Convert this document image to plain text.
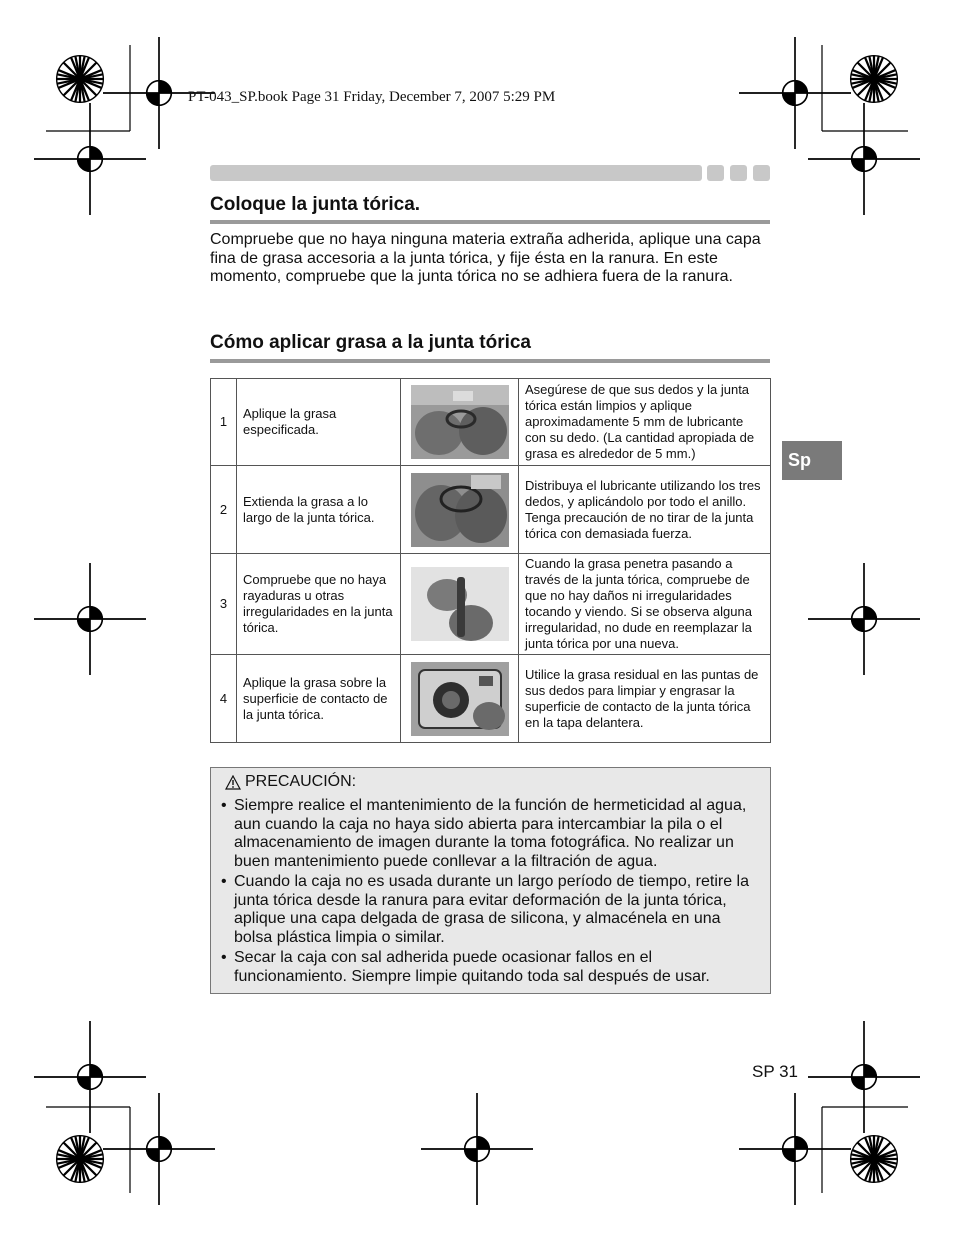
PT-043_SP.book Page 31 Friday, December 7, 2007 5:29 PM
Coloque la junta tórica.

Compruebe que no haya ninguna materia extraña adherida, aplique una capa fina de grasa accesoria a la junta tórica, y fije ésta en la ranura. En este momento, compruebe que la junta tórica no se adhiera fuera de la ranura.

Cómo aplicar grasa a la junta tórica
Sp
1	Aplique la grasa especificada.		Asegúrese de que sus dedos y la junta tórica están limpios y aplique aproximadamente 5 mm de lubricante con su dedo. (La cantidad apropiada de grasa es alrededor de 5 mm.)
2	Extienda la grasa a lo largo de la junta tórica.		Distribuya el lubricante utilizando los tres dedos, y aplicándolo por todo el anillo. Tenga precaución de no tirar de la junta tórica con demasiada fuerza.
3	Compruebe que no haya rayaduras u otras irregularidades en la junta tórica.		Cuando la grasa penetra pasando a través de la junta tórica, compruebe de que no hay daños ni irregularidades tocando y viendo. Si se observa alguna irregularidad, no dude en reemplazar la junta tórica por una nueva.
4	Aplique la grasa sobre la superficie de contacto de la junta tórica.		Utilice la grasa residual en las puntas de sus dedos para limpiar y engrasar la superficie de contacto de la junta tórica en la tapa delantera.
PRECAUCIÓN:
• Siempre realice el mantenimiento de la función de hermeticidad al agua, aun cuando la caja no haya sido abierta para intercambiar la pila o el almacenamiento de imagen durante la toma fotográfica. No realizar un buen mantenimiento puede conllevar a la filtración de agua.
• Cuando la caja no es usada durante un largo período de tiempo, retire la junta tórica desde la ranura para evitar deformación de la junta tórica, aplique una capa delgada de grasa de silicona, y almacénela en una bolsa plástica limpia o similar.
• Secar la caja con sal adherida puede ocasionar fallos en el funcionamiento. Siempre limpie quitando toda sal después de usar.
SP 31
